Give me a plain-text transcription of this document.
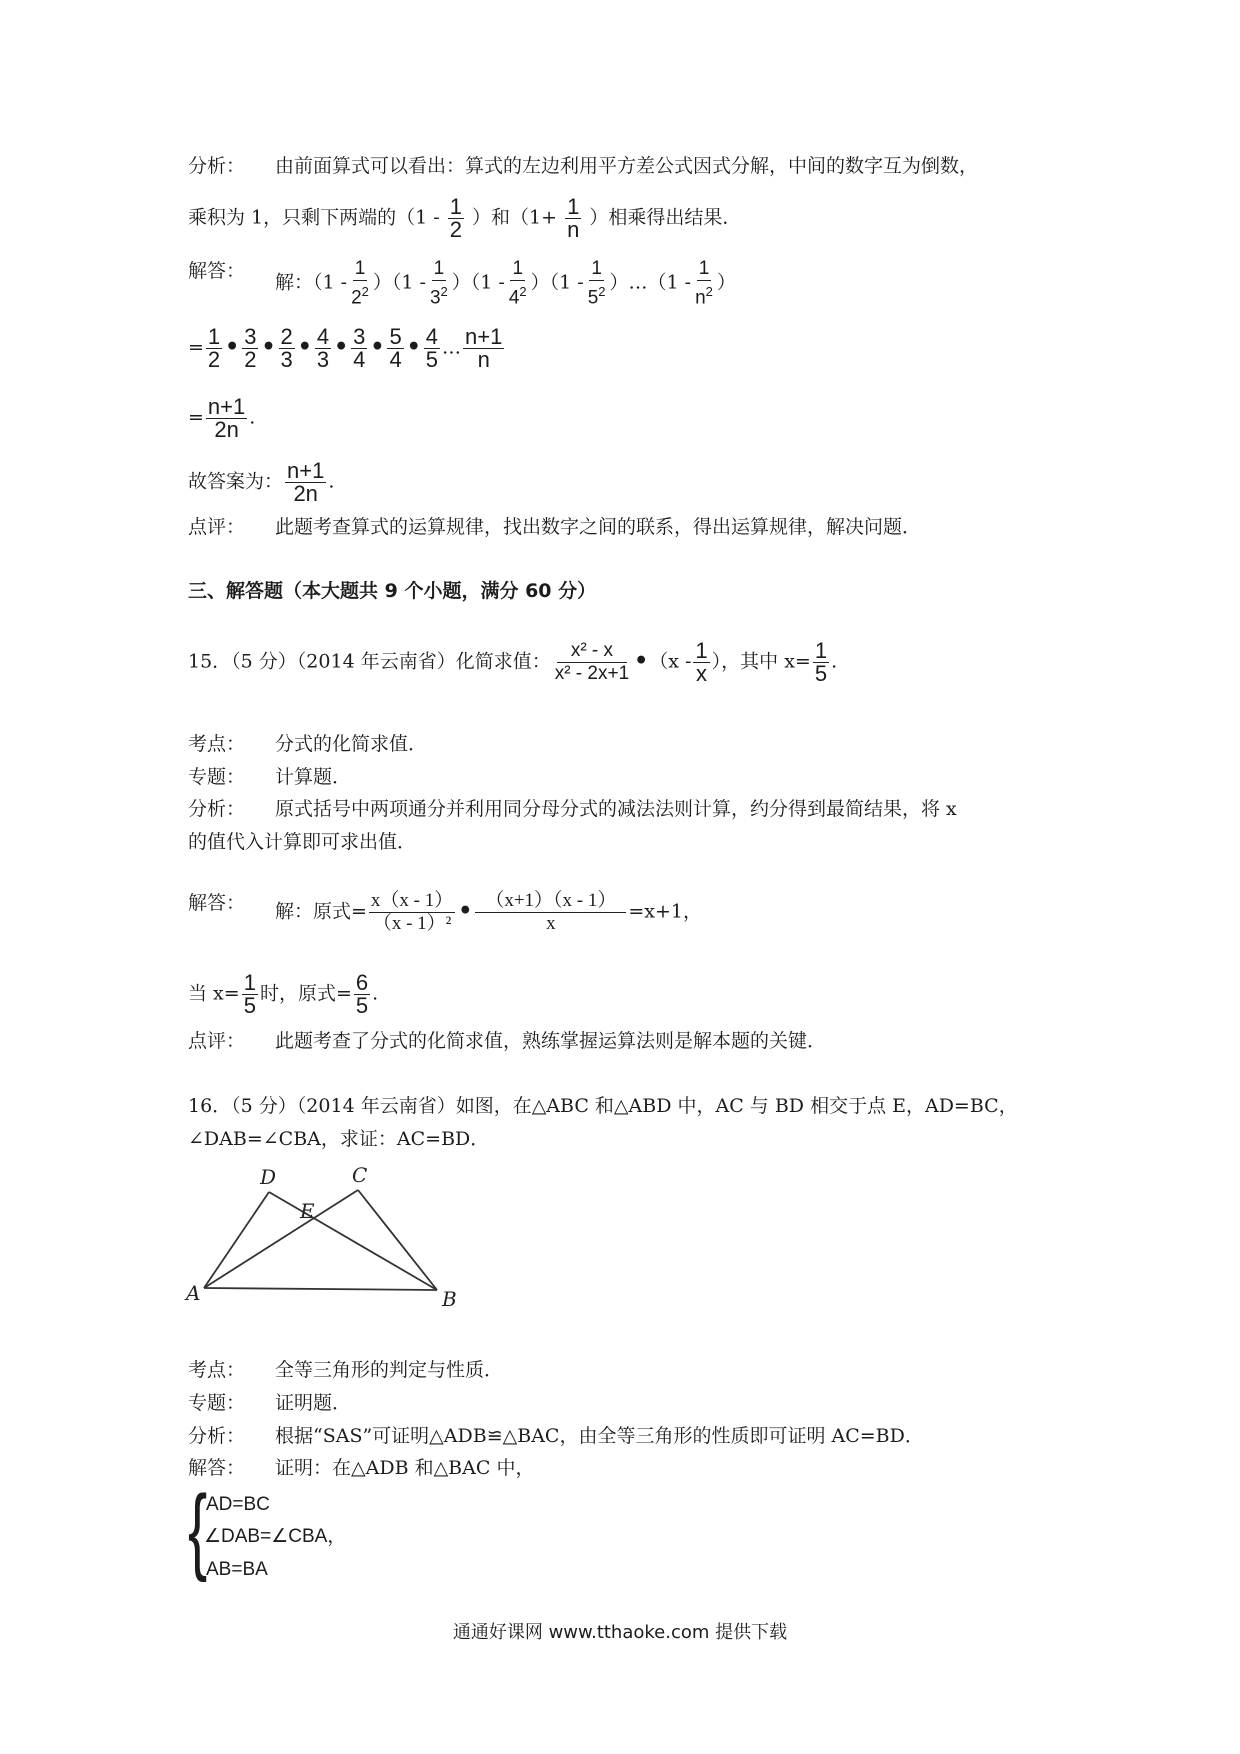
分析： 由前面算式可以看出：算式的左边利用平方差公式因式分解，中间的数字互为倒数，
乘积为 1，只剩下两端的（$1 - \frac{1}{2}$ ）和（$1+ \frac{1}{n}$ ）相乘得出结果．
解答：
解：$(1 - \frac{1}{2^2} )(1 - \frac{1}{3^2} )(1 - \frac{1}{4^2} )(1 - \frac{1}{5^2}$ ）…（1 - $\frac{1}{n^2}$ ）
= $\frac{1}{2}$ • $\frac{3}{2}$ • $\frac{2}{3}$ • $\frac{4}{3}$ • $\frac{3}{4}$ • $\frac{5}{4}$ • $\frac{4}{5}$ … $\frac{n+1}{n}$
= $\frac{n+1}{2n}$ .
故答案为： $\frac{n+1}{2n}$ .
点评： 此题考查算式的运算规律，找出数字之间的联系，得出运算规律，解决问题．
三、解答题（本大题共 9 个小题，满分 60 分）
15．（5 分）（2014 年云南省）化简求值： $\frac{\text{x² - x}}{\text{x² - 2x+1}}$ •（x - $\frac{1}{x}$ ），其中 $x= \frac{1}{5}$ .
考点： 分式的化简求值．
专题： 计算题．
分析： 原式括号中两项通分并利用同分母分式的减法法则计算，约分得到最简结果，将 x
的值代入计算即可求出值．
解答： 解：原式= $\frac{x(x - 1)}{\text{（x - 1）²}}$ • $\frac{(x+1)(x - 1)}{x} =x+1$，
当 $x= \frac{1}{5}$ 时，原式= $\frac{6}{5}$ .
点评： 此题考查了分式的化简求值，熟练掌握运算法则是解本题的关键．
16．（5 分）（2014 年云南省）如图，在△ABC 和△ABD 中，AC 与 BD 相交于点 E，AD=BC，
∠DAB=∠CBA，求证：AC=BD．
D	C
E
A	B
考点： 全等三角形的判定与性质．
专题： 证明题．
分析： 根据“SAS”可证明△ADB≌△BAC，由全等三角形的性质即可证明 AC=BD．
解答： 证明：在△ADB 和△BAC 中，
{
AD=BC
∠DAB=∠CBA，
AB=BA
通通好课网 www.tthaoke.com 提供下载
